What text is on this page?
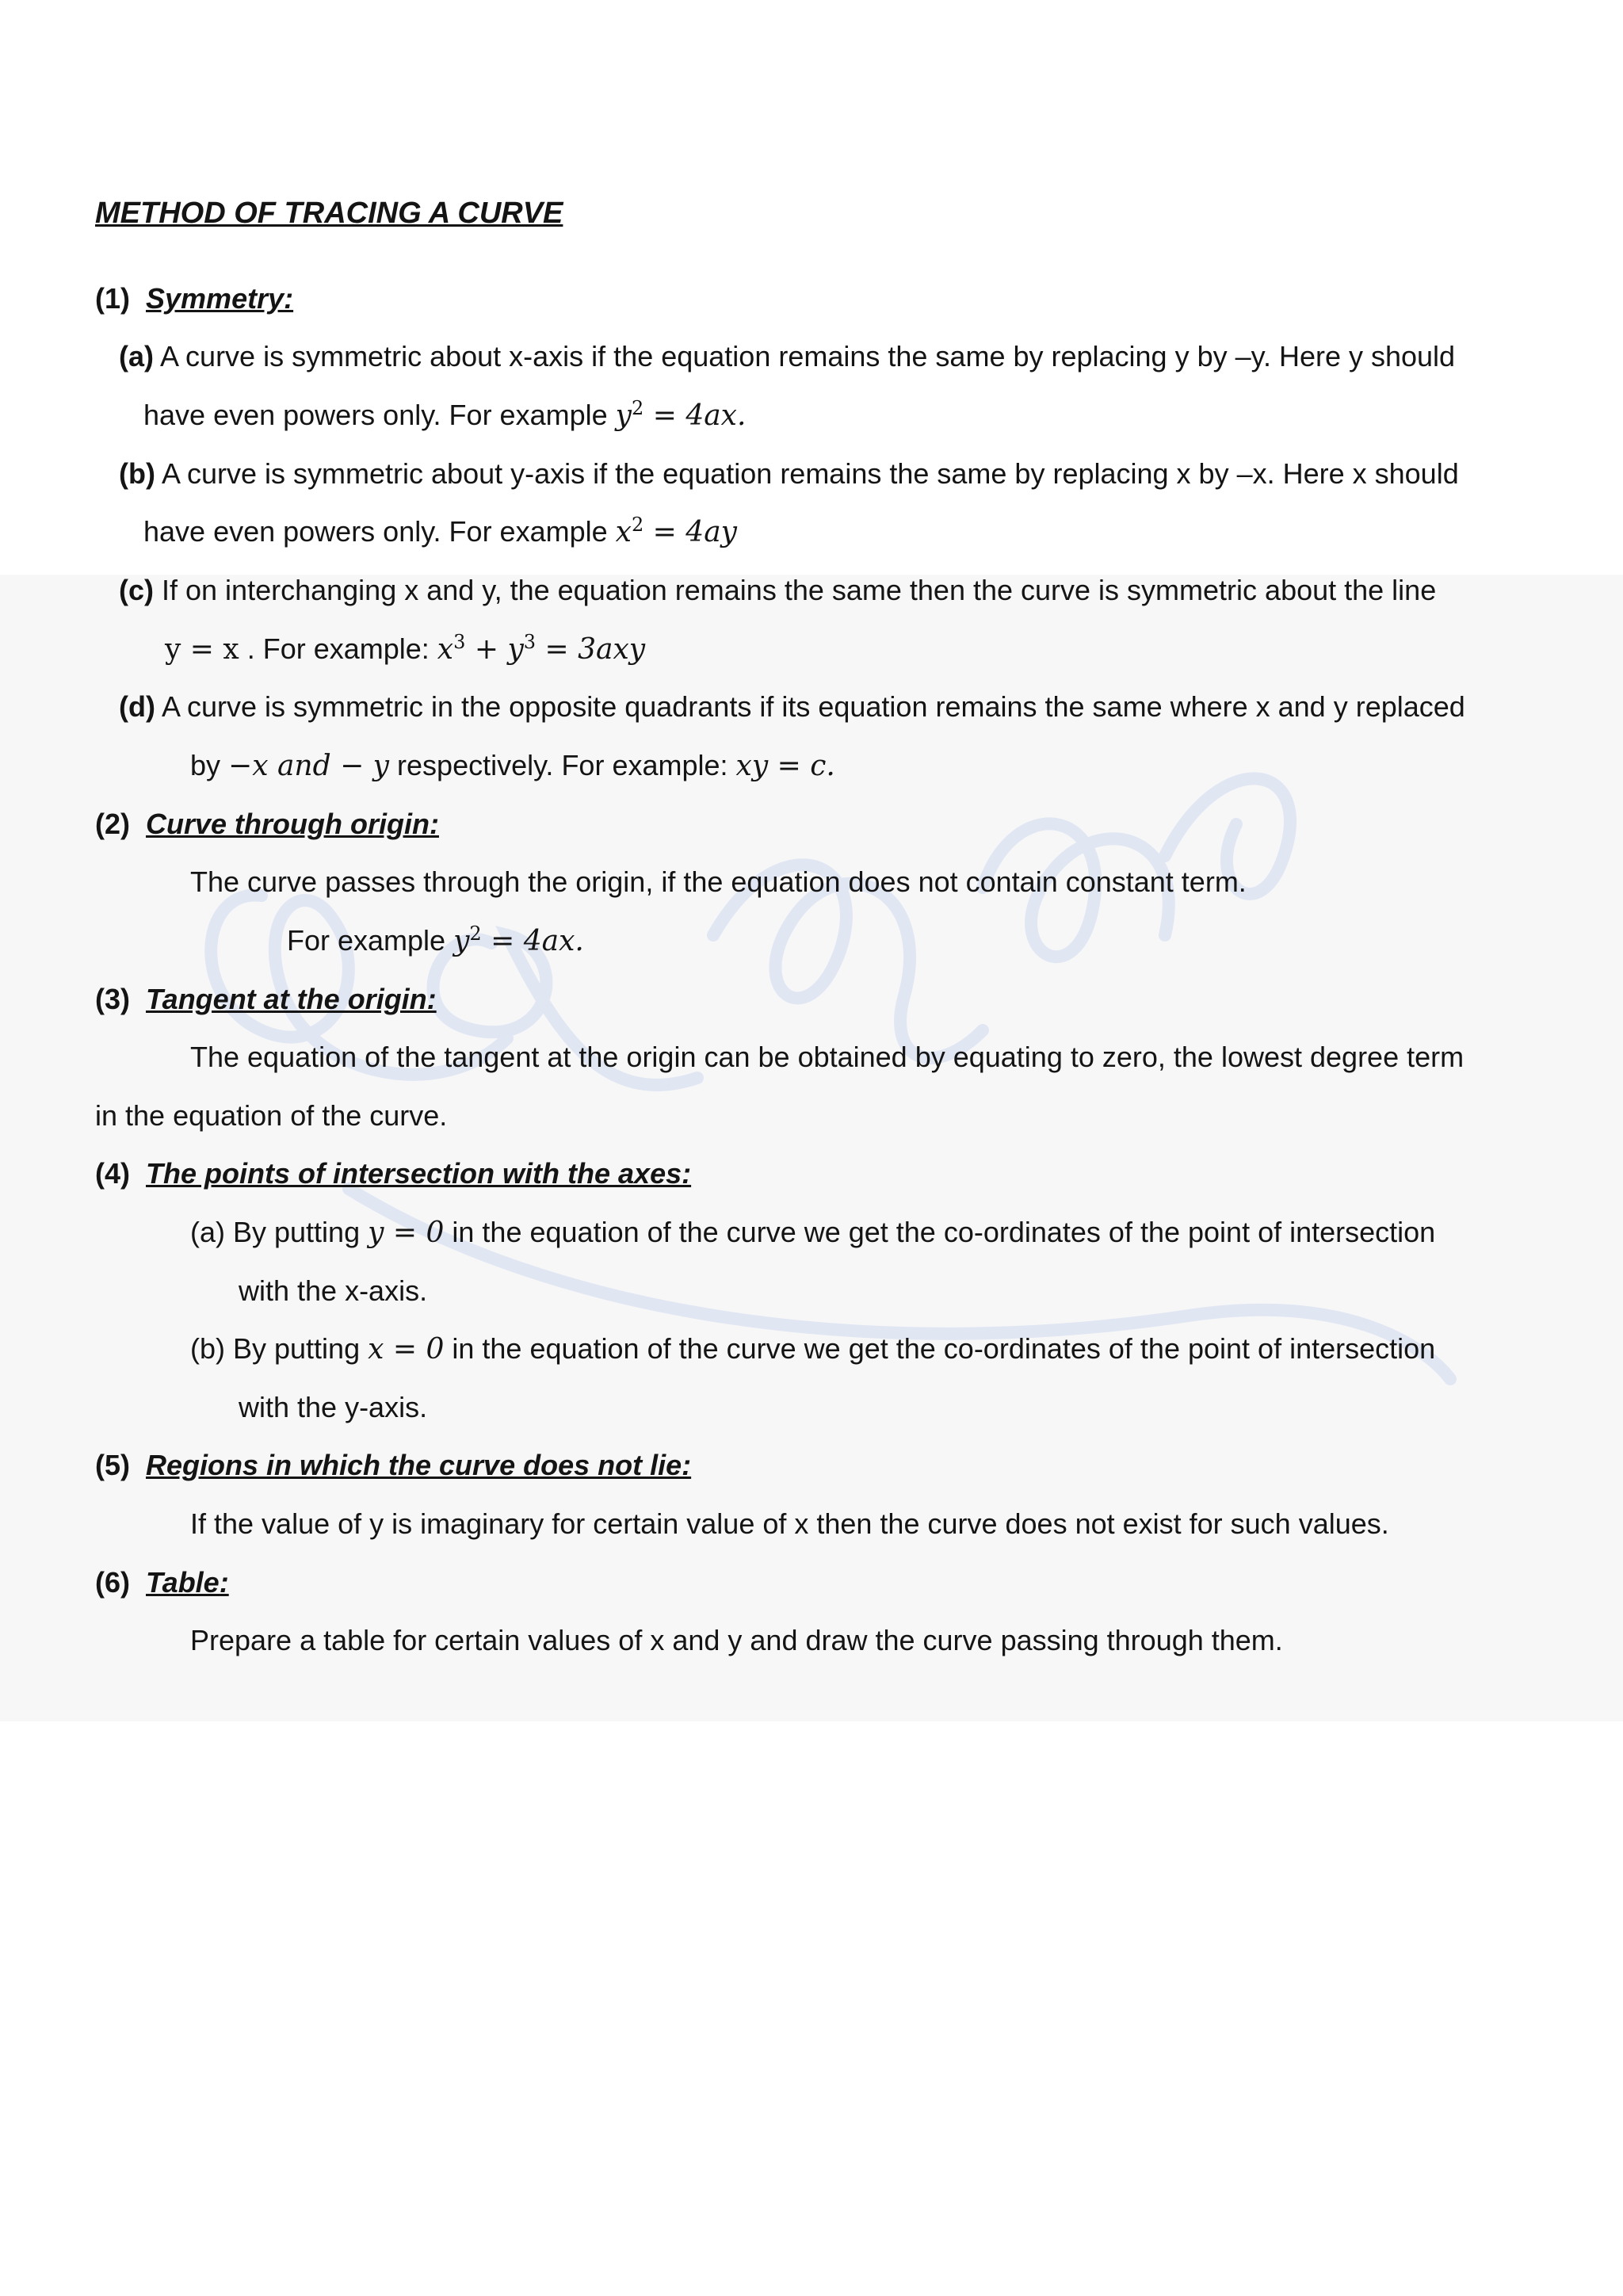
METHOD OF TRACING A CURVE
(1) Symmetry:
(a) A curve is symmetric about x-axis if the equation remains the same by replacing y by –y. Here y should
have even powers only. For example $y^2 = 4ax$.
(b) A curve is symmetric about y-axis if the equation remains the same by replacing x by –x. Here x should
have even powers only. For example $x^2 = 4ay$
(c) If on interchanging x and y, the equation remains the same then the curve is symmetric about the line
y = x . For example: $x^3 + y^3 = 3axy$
(d) A curve is symmetric in the opposite quadrants if its equation remains the same where x and y replaced
by −x and − y respectively. For example: xy = c.
(2) Curve through origin:
The curve passes through the origin, if the equation does not contain constant term.
For example $y^2 = 4ax$.
(3) Tangent at the origin:
The equation of the tangent at the origin can be obtained by equating to zero, the lowest degree term
in the equation of the curve.
(4) The points of intersection with the axes:
(a) By putting y = 0 in the equation of the curve we get the co-ordinates of the point of intersection
with the x-axis.
(b) By putting x = 0 in the equation of the curve we get the co-ordinates of the point of intersection
with the y-axis.
(5) Regions in which the curve does not lie:
If the value of y is imaginary for certain value of x then the curve does not exist for such values.
(6) Table:
Prepare a table for certain values of x and y and draw the curve passing through them.
